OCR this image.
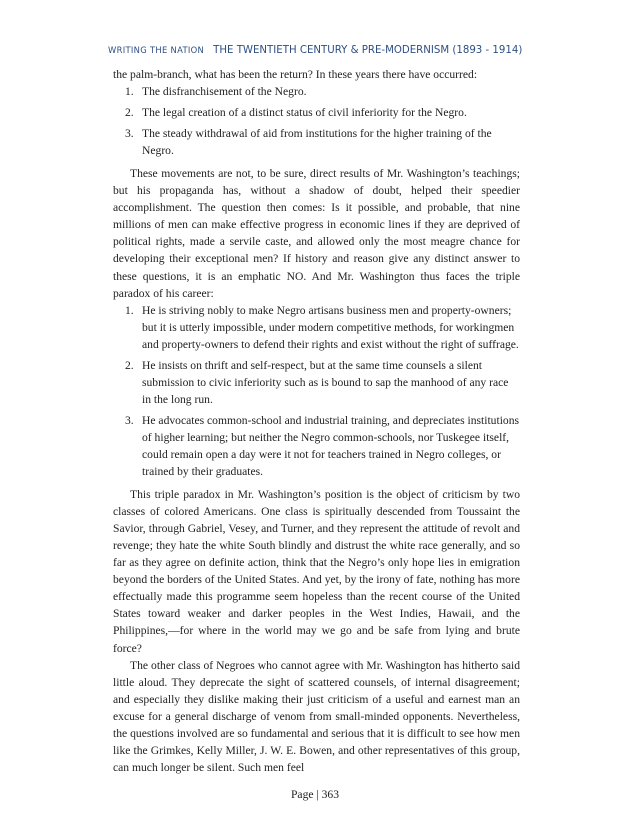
WRITING THE NATION THE TWENTIETH CENTURY & PRE-MODERNISM (1893 - 1914)

the palm-branch, what has been the return? In these years there have occurred:

1. The disfranchisement of the Negro.
2. The legal creation of a distinct status of civil inferiority for the Negro.
3. The steady withdrawal of aid from institutions for the higher training of the Negro.

These movements are not, to be sure, direct results of Mr. Washington’s teachings; but his propaganda has, without a shadow of doubt, helped their speedier accomplishment. The question then comes: Is it possible, and probable, that nine millions of men can make effective progress in economic lines if they are deprived of political rights, made a servile caste, and allowed only the most meagre chance for developing their exceptional men? If history and reason give any distinct answer to these questions, it is an emphatic NO. And Mr. Washington thus faces the triple paradox of his career:

1. He is striving nobly to make Negro artisans business men and property-owners; but it is utterly impossible, under modern competitive methods, for workingmen and property-owners to defend their rights and exist without the right of suffrage.
2. He insists on thrift and self-respect, but at the same time counsels a silent submission to civic inferiority such as is bound to sap the manhood of any race in the long run.
3. He advocates common-school and industrial training, and depreciates institutions of higher learning; but neither the Negro common-schools, nor Tuskegee itself, could remain open a day were it not for teachers trained in Negro colleges, or trained by their graduates.

This triple paradox in Mr. Washington’s position is the object of criticism by two classes of colored Americans. One class is spiritually descended from Toussaint the Savior, through Gabriel, Vesey, and Turner, and they represent the attitude of revolt and revenge; they hate the white South blindly and distrust the white race generally, and so far as they agree on definite action, think that the Negro’s only hope lies in emigration beyond the borders of the United States. And yet, by the irony of fate, nothing has more effectually made this programme seem hopeless than the recent course of the United States toward weaker and darker peoples in the West Indies, Hawaii, and the Philippines,—for where in the world may we go and be safe from lying and brute force?

The other class of Negroes who cannot agree with Mr. Washington has hitherto said little aloud. They deprecate the sight of scattered counsels, of internal disagreement; and especially they dislike making their just criticism of a useful and earnest man an excuse for a general discharge of venom from small-minded opponents. Nevertheless, the questions involved are so fundamental and serious that it is difficult to see how men like the Grimkes, Kelly Miller, J. W. E. Bowen, and other representatives of this group, can much longer be silent. Such men feel

Page | 363
